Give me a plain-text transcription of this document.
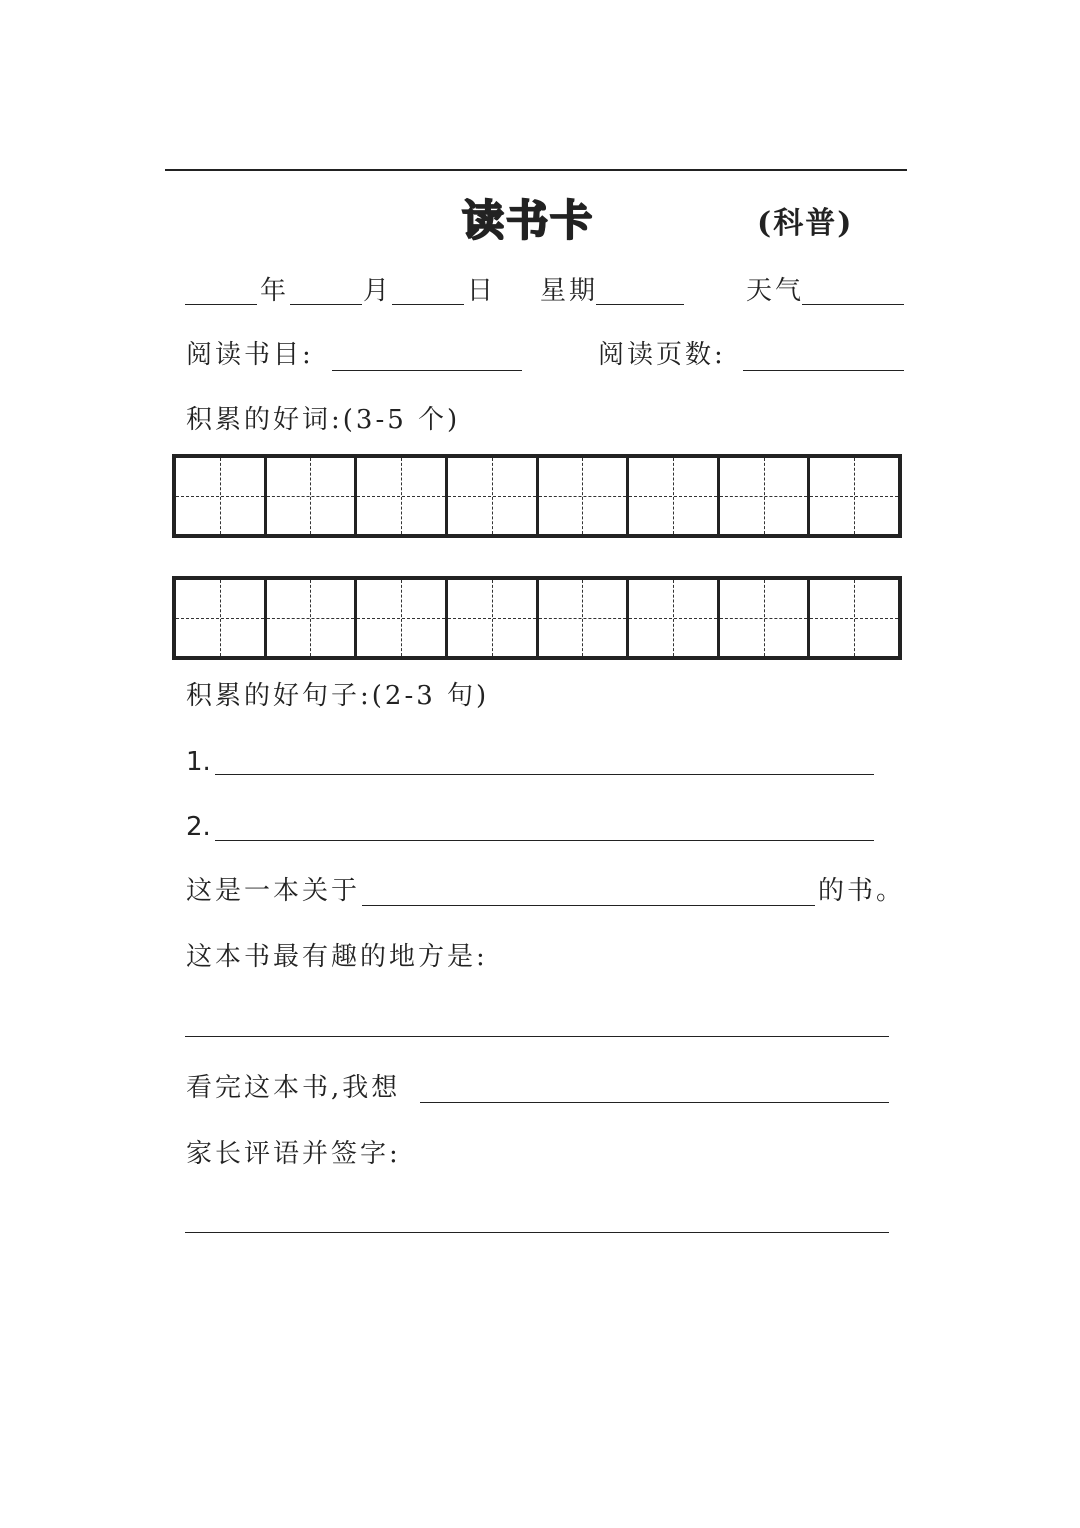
读书卡	(科普)
年	月	日 星期	天气
阅读书目:	阅读页数:
积累的好词:(3-5 个)
积累的好句子:(2-3 句)
1.
2.
这是一本关于	的书。
这本书最有趣的地方是:
看完这本书,我想
家长评语并签字:
